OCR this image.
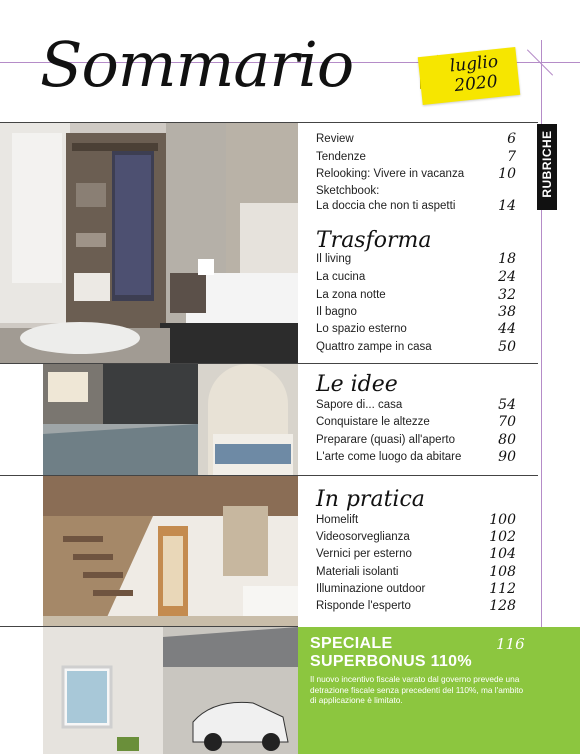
Sommario	luglio
2020
RUBRICHE
Review	6
Tendenze	7
Relooking: Vivere in vacanza 10
Sketchbook:
La doccia che non ti aspetti	14
Trasforma
Il living	18
La cucina	24
La zona notte	32
Il bagno	38
Lo spazio esterno	44
Quattro zampe in casa	50
Le idee
Sapore di... casa	54
Conquistare le altezze	70
Preparare (quasi) all'aperto	80
L'arte come luogo da abitare	90
In pratica
Homelift	100
Videosorveglianza	102
Vernici per esterno	104
Materiali isolanti	108
Illuminazione outdoor	112
Risponde l'esperto	128
SPECIALE
SUPERBONUS 110%
116
Il nuovo incentivo fiscale varato dal governo prevede una detrazione fiscale senza precedenti del 110%, ma l'ambito di applicazione è limitato.
